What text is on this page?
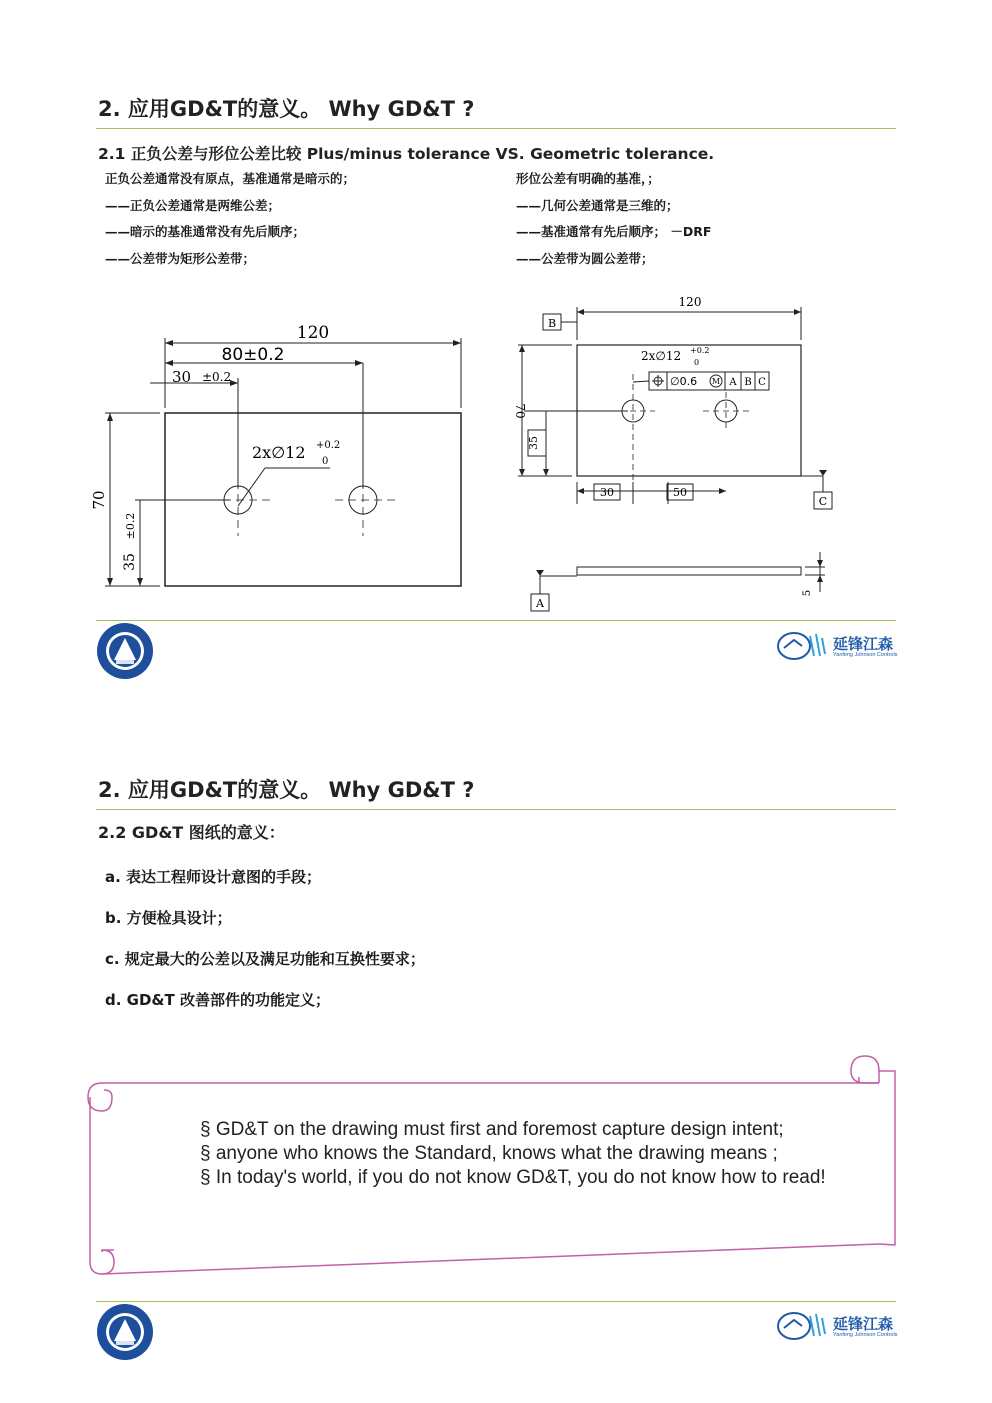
2. 应用GD&T的意义。 Why GD&T ?
2.1 正负公差与形位公差比较 Plus/minus tolerance VS. Geometric tolerance.
正负公差通常没有原点，基准通常是暗示的；
——正负公差通常是两维公差；
——暗示的基准通常没有先后顺序；
——公差带为矩形公差带；
形位公差有明确的基准，；
——几何公差通常是三维的；
——基准通常有先后顺序； －DRF
——公差带为圆公差带；
120
80±0.2
30 ±0.2
2x∅12 +0.2
0
70
35
±0.2
120
B
2x∅12 +0.2
0
∅0.6 M A B C
70
35
30	50
C
A
5
延锋江森
Yanfeng Johnson Controls
2. 应用GD&T的意义。 Why GD&T ?
2.2 GD&T 图纸的意义：
a. 表达工程师设计意图的手段；
b. 方便检具设计；
c. 规定最大的公差以及满足功能和互换性要求；
d. GD&T 改善部件的功能定义；
§ GD&T on the drawing must first and foremost capture design intent;
§ anyone who knows the Standard, knows what the drawing means ;
§ In today's world, if you do not know GD&T, you do not know how to read!
延锋江森
Yanfeng Johnson Controls
